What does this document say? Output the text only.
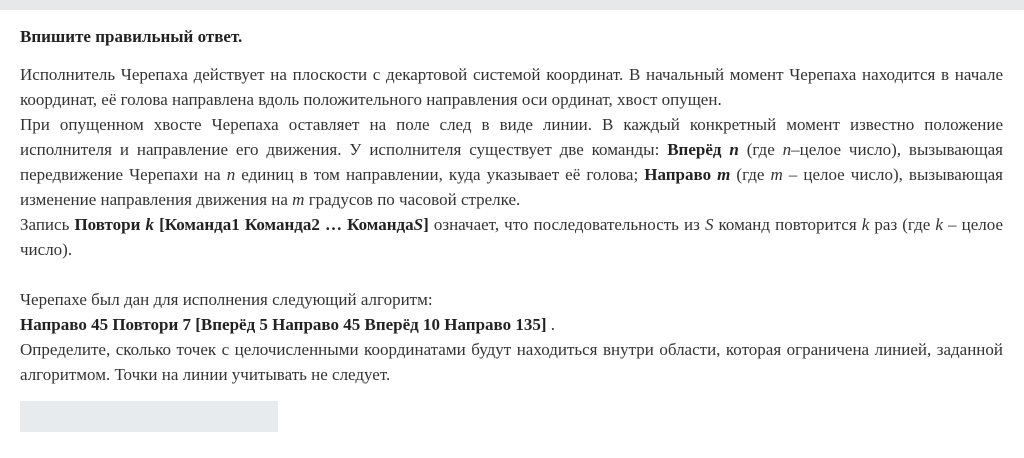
Впишите правильный ответ.

Исполнитель Черепаха действует на плоскости с декартовой системой координат. В начальный момент Черепаха находится в начале координат, её голова направлена вдоль положительного направления оси ординат, хвост опущен.

При опущенном хвосте Черепаха оставляет на поле след в виде линии. В каждый конкретный момент известно положение исполнителя и направление его движения. У исполнителя существует две команды: Вперёд n (где n–целое число), вызывающая передвижение Черепахи на n единиц в том направлении, куда указывает её голова; Направо m (где m – целое число), вызывающая изменение направления движения на m градусов по часовой стрелке.

Запись Повтори k [Команда1 Команда2 … КомандаS] означает, что последовательность из S команд повторится k раз (где k – целое число).

Черепахе был дан для исполнения следующий алгоритм:

Направо 45 Повтори 7 [Вперёд 5 Направо 45 Вперёд 10 Направо 135] .

Определите, сколько точек с целочисленными координатами будут находиться внутри области, которая ограничена линией, заданной алгоритмом. Точки на линии учитывать не следует.
